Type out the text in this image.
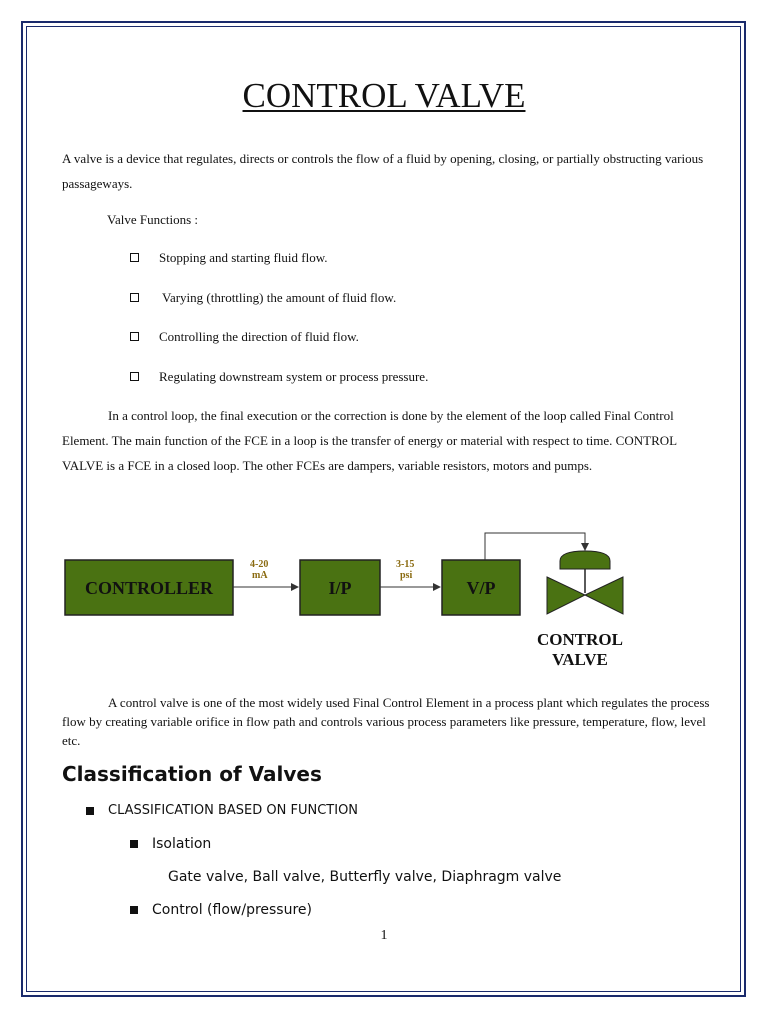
CONTROL VALVE
A valve is a device that regulates, directs or controls the flow of a fluid by opening, closing, or partially obstructing various passageways.
Valve Functions :
Stopping and starting fluid flow.
Varying (throttling) the amount of fluid flow.
Controlling the direction of fluid flow.
Regulating downstream system or process pressure.
In a control loop, the final execution or the correction is done by the element of the loop called Final Control Element. The main function of the FCE in a loop is the transfer of energy or material with respect to time. CONTROL VALVE is a FCE in a closed loop. The other FCEs are dampers, variable resistors, motors and pumps.
CONTROLLER
4-20
mA
I/P
3-15
psi
V/P
CONTROL
VALVE
A control valve is one of the most widely used Final Control Element in a process plant which regulates the process flow by creating variable orifice in flow path and controls various process parameters like pressure, temperature, flow, level etc.
Classification of Valves
CLASSIFICATION BASED ON FUNCTION
Isolation
Gate valve, Ball valve, Butterfly valve, Diaphragm valve
Control (flow/pressure)
1
